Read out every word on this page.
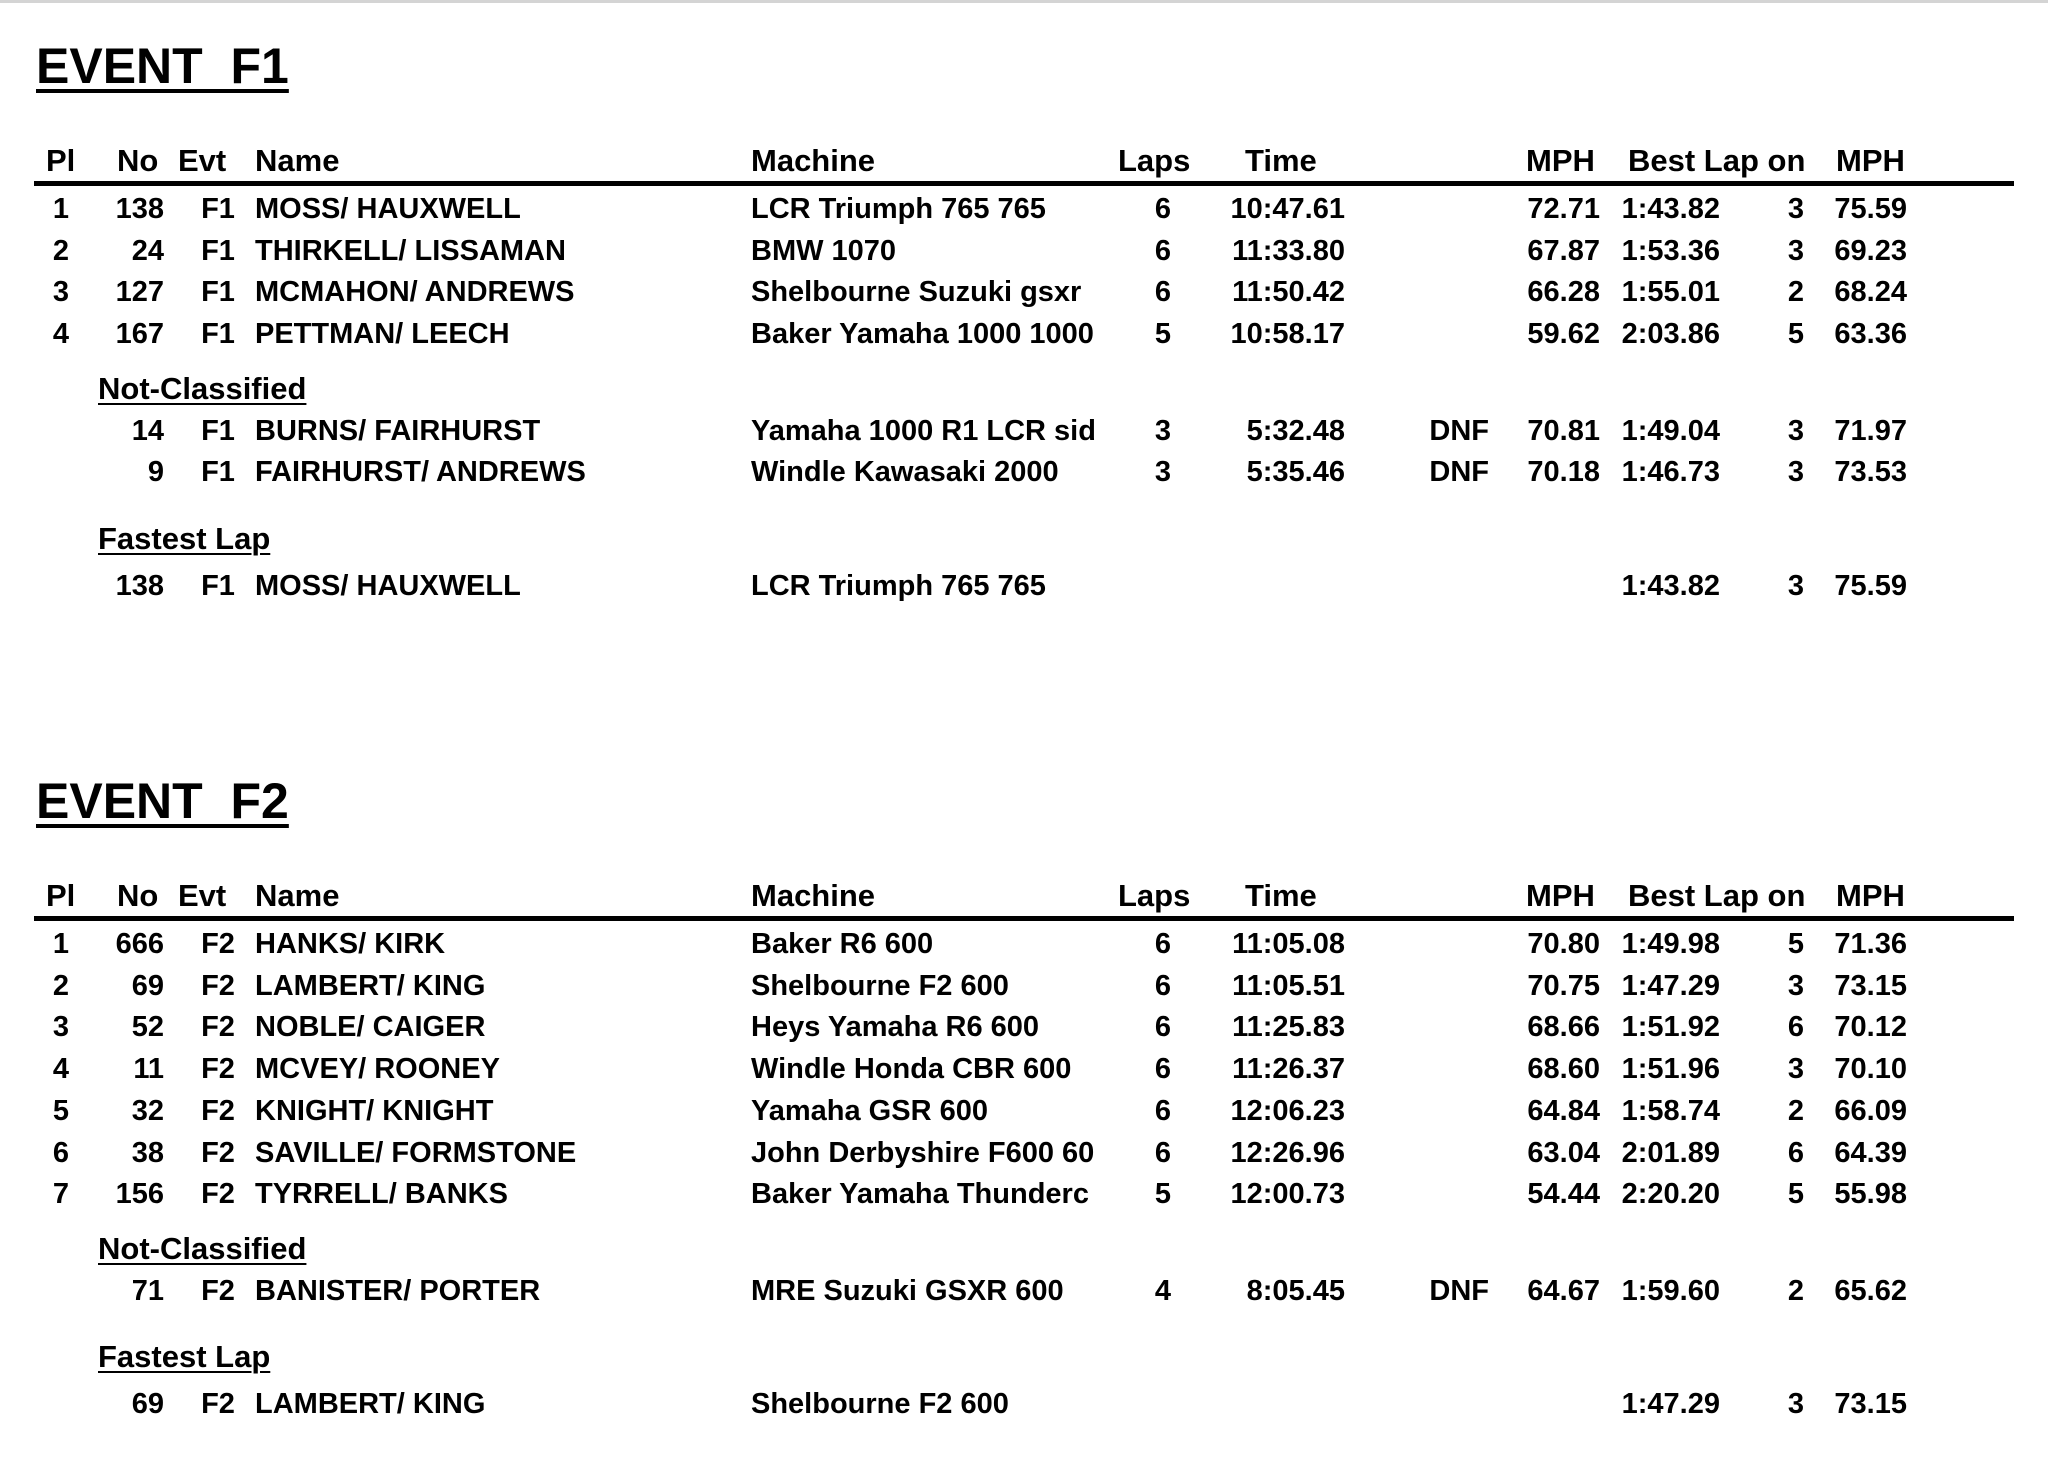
EVENT  F1
Pl No Evt Name	Machine	Laps Time	MPH Best Lap on MPH
1	138	F1 MOSS/ HAUXWELL	LCR Triumph 765 765	6	10:47.61	72.71 1:43.82	3	75.59
2	24	F1 THIRKELL/ LISSAMAN	BMW 1070	6	11:33.80	67.87 1:53.36	3	69.23
3	127	F1 MCMAHON/ ANDREWS	Shelbourne Suzuki gsxr	6	11:50.42	66.28 1:55.01	2	68.24
4	167	F1 PETTMAN/ LEECH	Baker Yamaha 1000 1000	5	10:58.17	59.62 2:03.86	5	63.36
Not-Classified
14	F1 BURNS/ FAIRHURST	Yamaha 1000 R1 LCR sid	3	5:32.48	DNF	70.81 1:49.04	3	71.97
9	F1 FAIRHURST/ ANDREWS	Windle Kawasaki 2000	3	5:35.46	DNF	70.18 1:46.73	3	73.53
Fastest Lap
138	F1 MOSS/ HAUXWELL	LCR Triumph 765 765	1:43.82	3	75.59
EVENT  F2
Pl No Evt Name	Machine	Laps Time	MPH Best Lap on MPH
1	666	F2 HANKS/ KIRK	Baker R6 600	6	11:05.08	70.80 1:49.98	5	71.36
2	69	F2 LAMBERT/ KING	Shelbourne F2 600	6	11:05.51	70.75 1:47.29	3	73.15
3	52	F2 NOBLE/ CAIGER	Heys Yamaha R6 600	6	11:25.83	68.66 1:51.92	6	70.12
4	11	F2 MCVEY/ ROONEY	Windle Honda CBR 600	6	11:26.37	68.60 1:51.96	3	70.10
5	32	F2 KNIGHT/ KNIGHT	Yamaha GSR 600	6	12:06.23	64.84 1:58.74	2	66.09
6	38	F2 SAVILLE/ FORMSTONE	John Derbyshire F600 60	6	12:26.96	63.04 2:01.89	6	64.39
7	156	F2 TYRRELL/ BANKS	Baker Yamaha Thunderc	5	12:00.73	54.44 2:20.20	5	55.98
Not-Classified
71	F2 BANISTER/ PORTER	MRE Suzuki GSXR 600	4	8:05.45	DNF	64.67 1:59.60	2	65.62
Fastest Lap
69	F2 LAMBERT/ KING	Shelbourne F2 600	1:47.29	3	73.15
